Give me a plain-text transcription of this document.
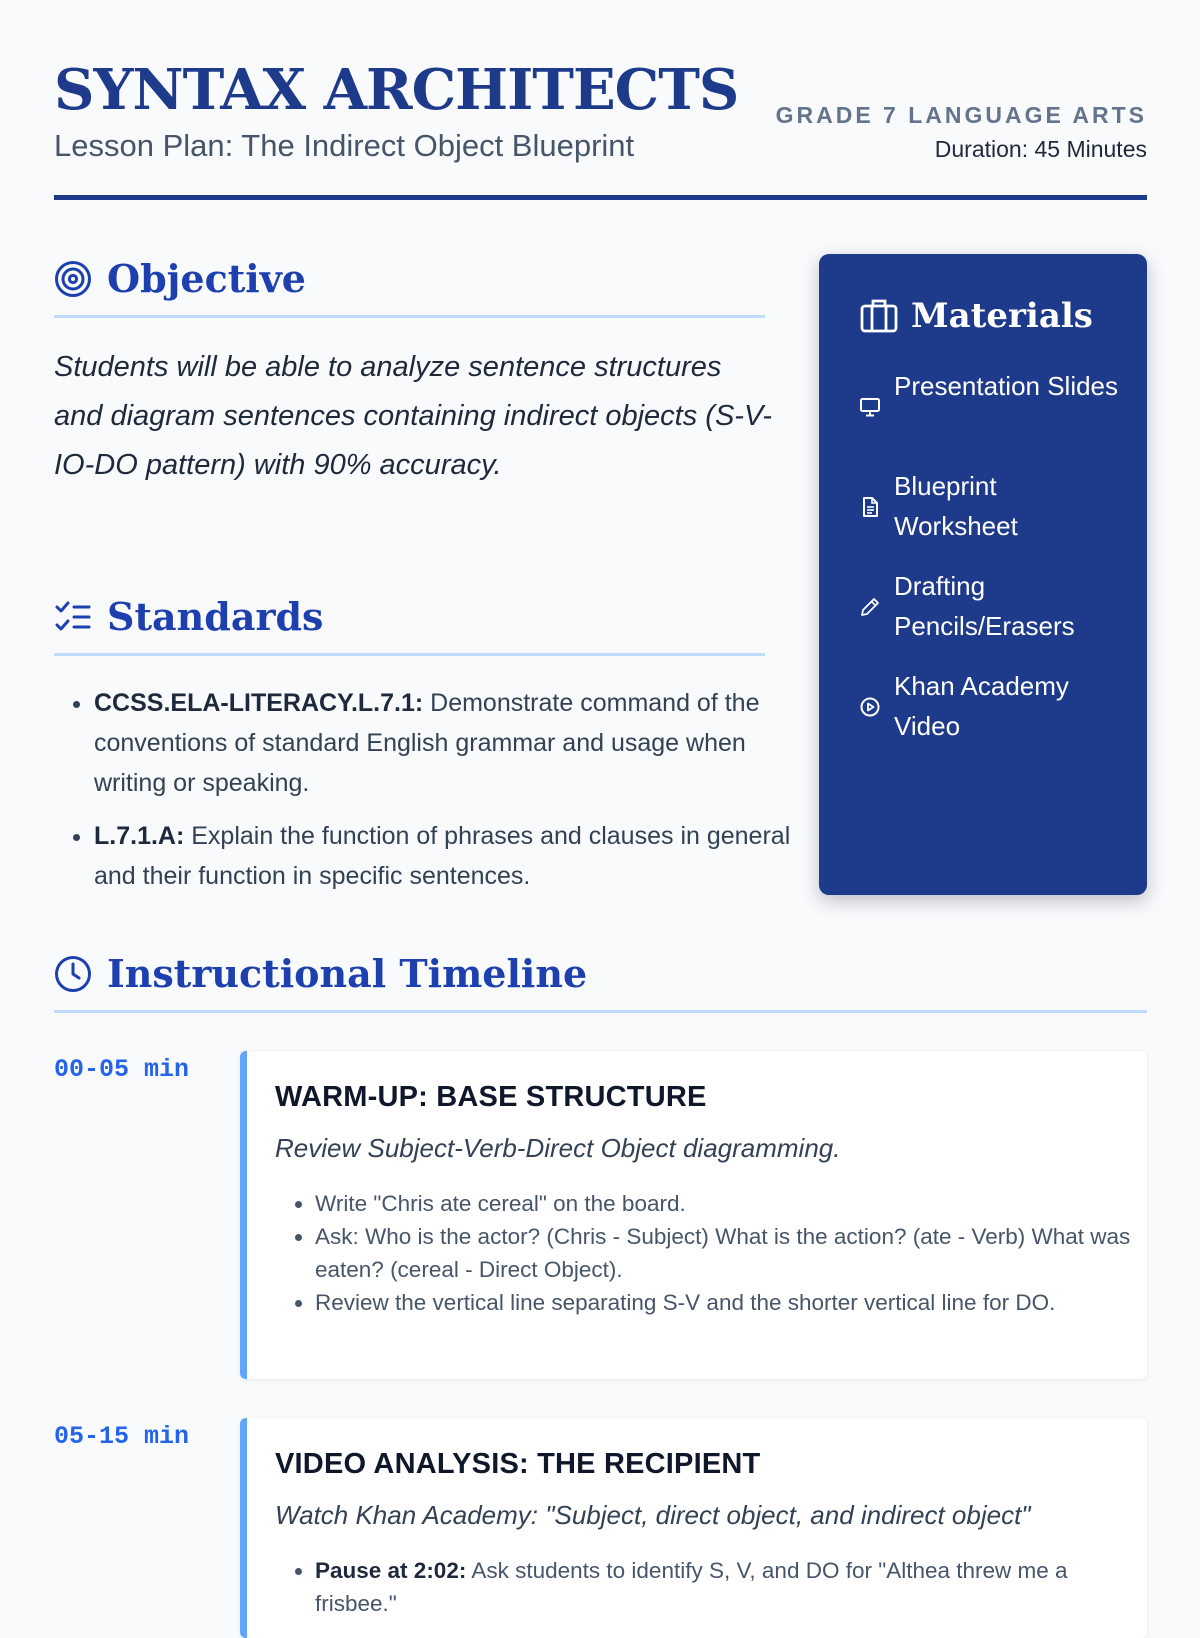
SYNTAX ARCHITECTS
Lesson Plan: The Indirect Object Blueprint
GRADE 7 LANGUAGE ARTS
Duration: 45 Minutes
Objective
Students will be able to analyze sentence structures and diagram sentences containing indirect objects (S-V-IO-DO pattern) with 90% accuracy.
Standards
• CCSS.ELA-LITERACY.L.7.1: Demonstrate command of the conventions of standard English grammar and usage when writing or speaking.
• L.7.1.A: Explain the function of phrases and clauses in general and their function in specific sentences.
Materials
Presentation Slides
Blueprint Worksheet
Drafting Pencils/Erasers
Khan Academy Video
Instructional Timeline
00-05 min
WARM-UP: BASE STRUCTURE
Review Subject-Verb-Direct Object diagramming.
• Write "Chris ate cereal" on the board.
• Ask: Who is the actor? (Chris - Subject) What is the action? (ate - Verb) What was eaten? (cereal - Direct Object).
• Review the vertical line separating S-V and the shorter vertical line for DO.
05-15 min
VIDEO ANALYSIS: THE RECIPIENT
Watch Khan Academy: "Subject, direct object, and indirect object"
• Pause at 2:02: Ask students to identify S, V, and DO for "Althea threw me a frisbee."
